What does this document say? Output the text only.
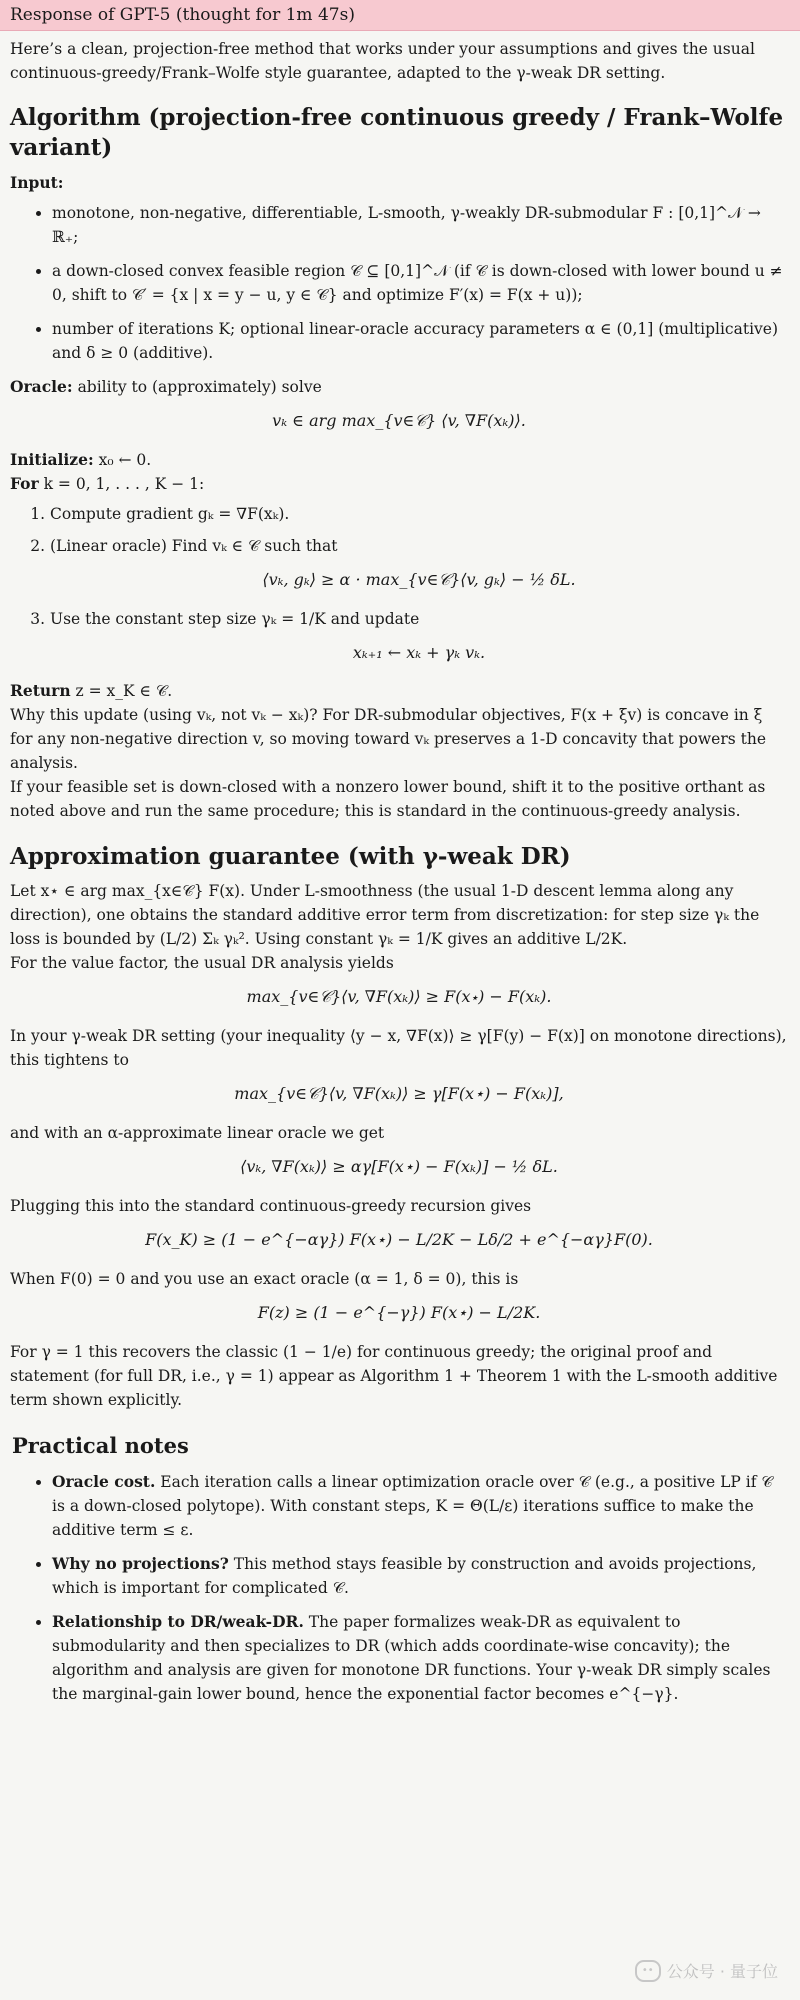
Response of GPT-5 (thought for 1m 47s)

Here’s a clean, projection-free method that works under your assumptions and gives the usual continuous-greedy/Frank–Wolfe style guarantee, adapted to the γ-weak DR setting.

Algorithm (projection-free continuous greedy / Frank–Wolfe variant)

Input:

• monotone, non-negative, differentiable, L-smooth, γ-weakly DR-submodular F : [0,1]^𝒩 → ℝ₊;
• a down-closed convex feasible region 𝒞 ⊆ [0,1]^𝒩 (if 𝒞 is down-closed with lower bound u ≠ 0, shift to 𝒞′ = {x | x = y − u, y ∈ 𝒞} and optimize F′(x) = F(x + u));
• number of iterations K; optional linear-oracle accuracy parameters α ∈ (0,1] (multiplicative) and δ ≥ 0 (additive).

Oracle: ability to (approximately) solve

vₖ ∈ arg max_{v∈𝒞} ⟨v, ∇F(xₖ)⟩.

Initialize: x₀ ← 0.

For k = 0, 1, . . . , K − 1:

1. Compute gradient gₖ = ∇F(xₖ).
2. (Linear oracle) Find vₖ ∈ 𝒞 such that
⟨vₖ, gₖ⟩ ≥ α · max_{v∈𝒞}⟨v, gₖ⟩ − ½ δL.
3. Use the constant step size γₖ = 1/K and update
xₖ₊₁ ← xₖ + γₖ vₖ.

Return z = x_K ∈ 𝒞.

Why this update (using vₖ, not vₖ − xₖ)? For DR-submodular objectives, F(x + ξv) is concave in ξ for any non-negative direction v, so moving toward vₖ preserves a 1-D concavity that powers the analysis.

If your feasible set is down-closed with a nonzero lower bound, shift it to the positive orthant as noted above and run the same procedure; this is standard in the continuous-greedy analysis.

Approximation guarantee (with γ-weak DR)

Let x⋆ ∈ arg max_{x∈𝒞} F(x). Under L-smoothness (the usual 1-D descent lemma along any direction), one obtains the standard additive error term from discretization: for step size γₖ the loss is bounded by (L/2) Σₖ γₖ². Using constant γₖ = 1/K gives an additive L/2K.

For the value factor, the usual DR analysis yields

max_{v∈𝒞}⟨v, ∇F(xₖ)⟩ ≥ F(x⋆) − F(xₖ).

In your γ-weak DR setting (your inequality ⟨y − x, ∇F(x)⟩ ≥ γ[F(y) − F(x)] on monotone directions), this tightens to

max_{v∈𝒞}⟨v, ∇F(xₖ)⟩ ≥ γ[F(x⋆) − F(xₖ)],

and with an α-approximate linear oracle we get

⟨vₖ, ∇F(xₖ)⟩ ≥ αγ[F(x⋆) − F(xₖ)] − ½ δL.

Plugging this into the standard continuous-greedy recursion gives

F(x_K) ≥ (1 − e^{−αγ}) F(x⋆) − L/2K − Lδ/2 + e^{−αγ}F(0).

When F(0) = 0 and you use an exact oracle (α = 1, δ = 0), this is

F(z) ≥ (1 − e^{−γ}) F(x⋆) − L/2K.

For γ = 1 this recovers the classic (1 − 1/e) for continuous greedy; the original proof and statement (for full DR, i.e., γ = 1) appear as Algorithm 1 + Theorem 1 with the L-smooth additive term shown explicitly.

Practical notes
• Oracle cost. Each iteration calls a linear optimization oracle over 𝒞 (e.g., a positive LP if 𝒞 is a down-closed polytope). With constant steps, K = Θ(L/ε) iterations suffice to make the additive term ≤ ε.
• Why no projections? This method stays feasible by construction and avoids projections, which is important for complicated 𝒞.
• Relationship to DR/weak-DR. The paper formalizes weak-DR as equivalent to submodularity and then specializes to DR (which adds coordinate-wise concavity); the algorithm and analysis are given for monotone DR functions. Your γ-weak DR simply scales the marginal-gain lower bound, hence the exponential factor becomes e^{−γ}.
•• 公众号 · 量子位
